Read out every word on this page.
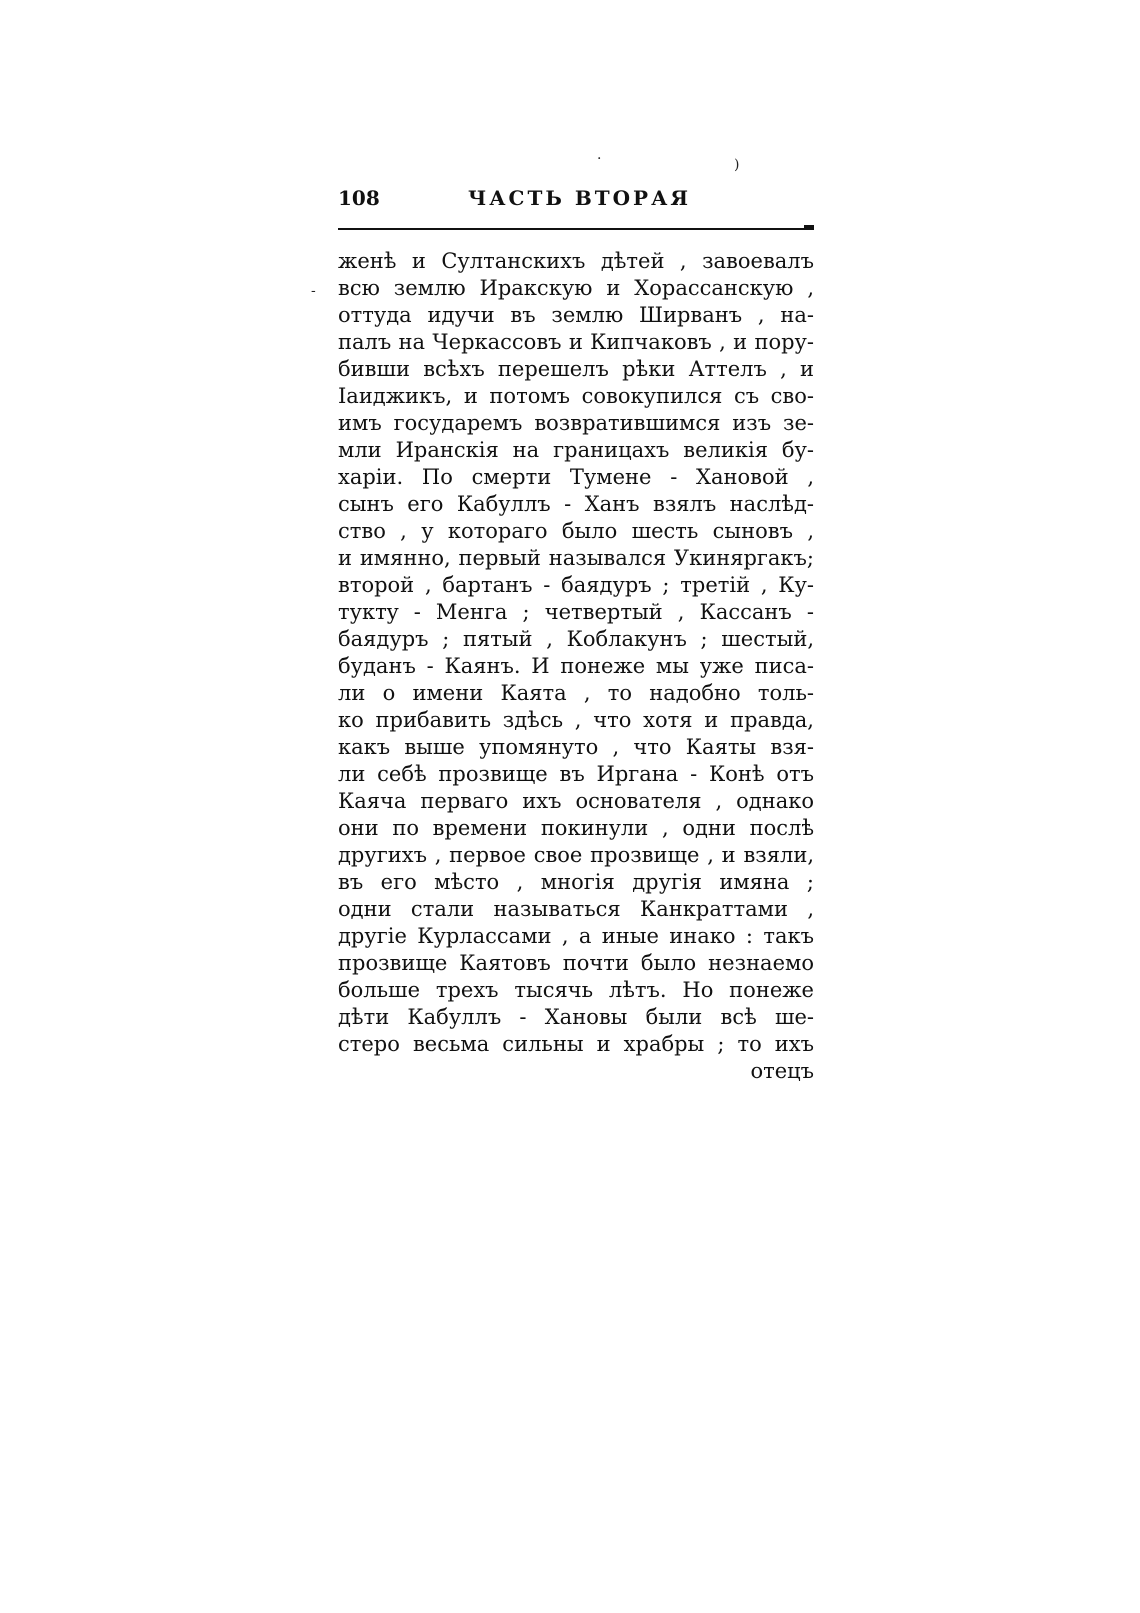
·	)
-
108	ЧАСТЬ ВТОРАЯ
женѣ и Султанскихъ дѣтей , завоевалъ
всю землю Иракскую и Хорассанскую ,
оттуда идучи въ землю Ширванъ , на-
палъ на Черкассовъ и Кипчаковъ , и пору-
бивши всѣхъ перешелъ рѣки Аттелъ , и
Іаиджикъ, и потомъ совокупился съ сво-
имъ государемъ возвратившимся изъ зе-
мли Иранскія на границахъ великія бу-
харіи. По смерти Тумене - Хановой ,
сынъ его Кабуллъ - Ханъ взялъ наслѣд-
ство , у котораго было шесть сыновъ ,
и имянно, первый назывался Укиняргакъ;
второй , бартанъ - баядуръ ; третій , Ку-
туктy - Менга ; четвертый , Кассанъ -
баядуръ ; пятый , Коблакунъ ; шестый,
буданъ - Каянъ. И понеже мы уже писа-
ли о имени Каята , то надобно толь-
ко прибавить здѣсь , что хотя и правда,
какъ выше упомянуто , что Каяты взя-
ли себѣ прозвище въ Иргана - Конѣ отъ
Каяча перваго ихъ основателя , однако
они по времени покинули , одни послѣ
другихъ , первое свое прозвище , и взяли,
въ его мѣсто , многія другія имяна ;
одни стали называться Канкраттами ,
другіе Курлассами , а иные инако : такъ
прозвище Каятовъ почти было незнаемо
больше трехъ тысячь лѣтъ. Но понеже
дѣти Кабуллъ - Хановы были всѣ ше-
стеро весьма сильны и храбры ; то ихъ
отецъ
